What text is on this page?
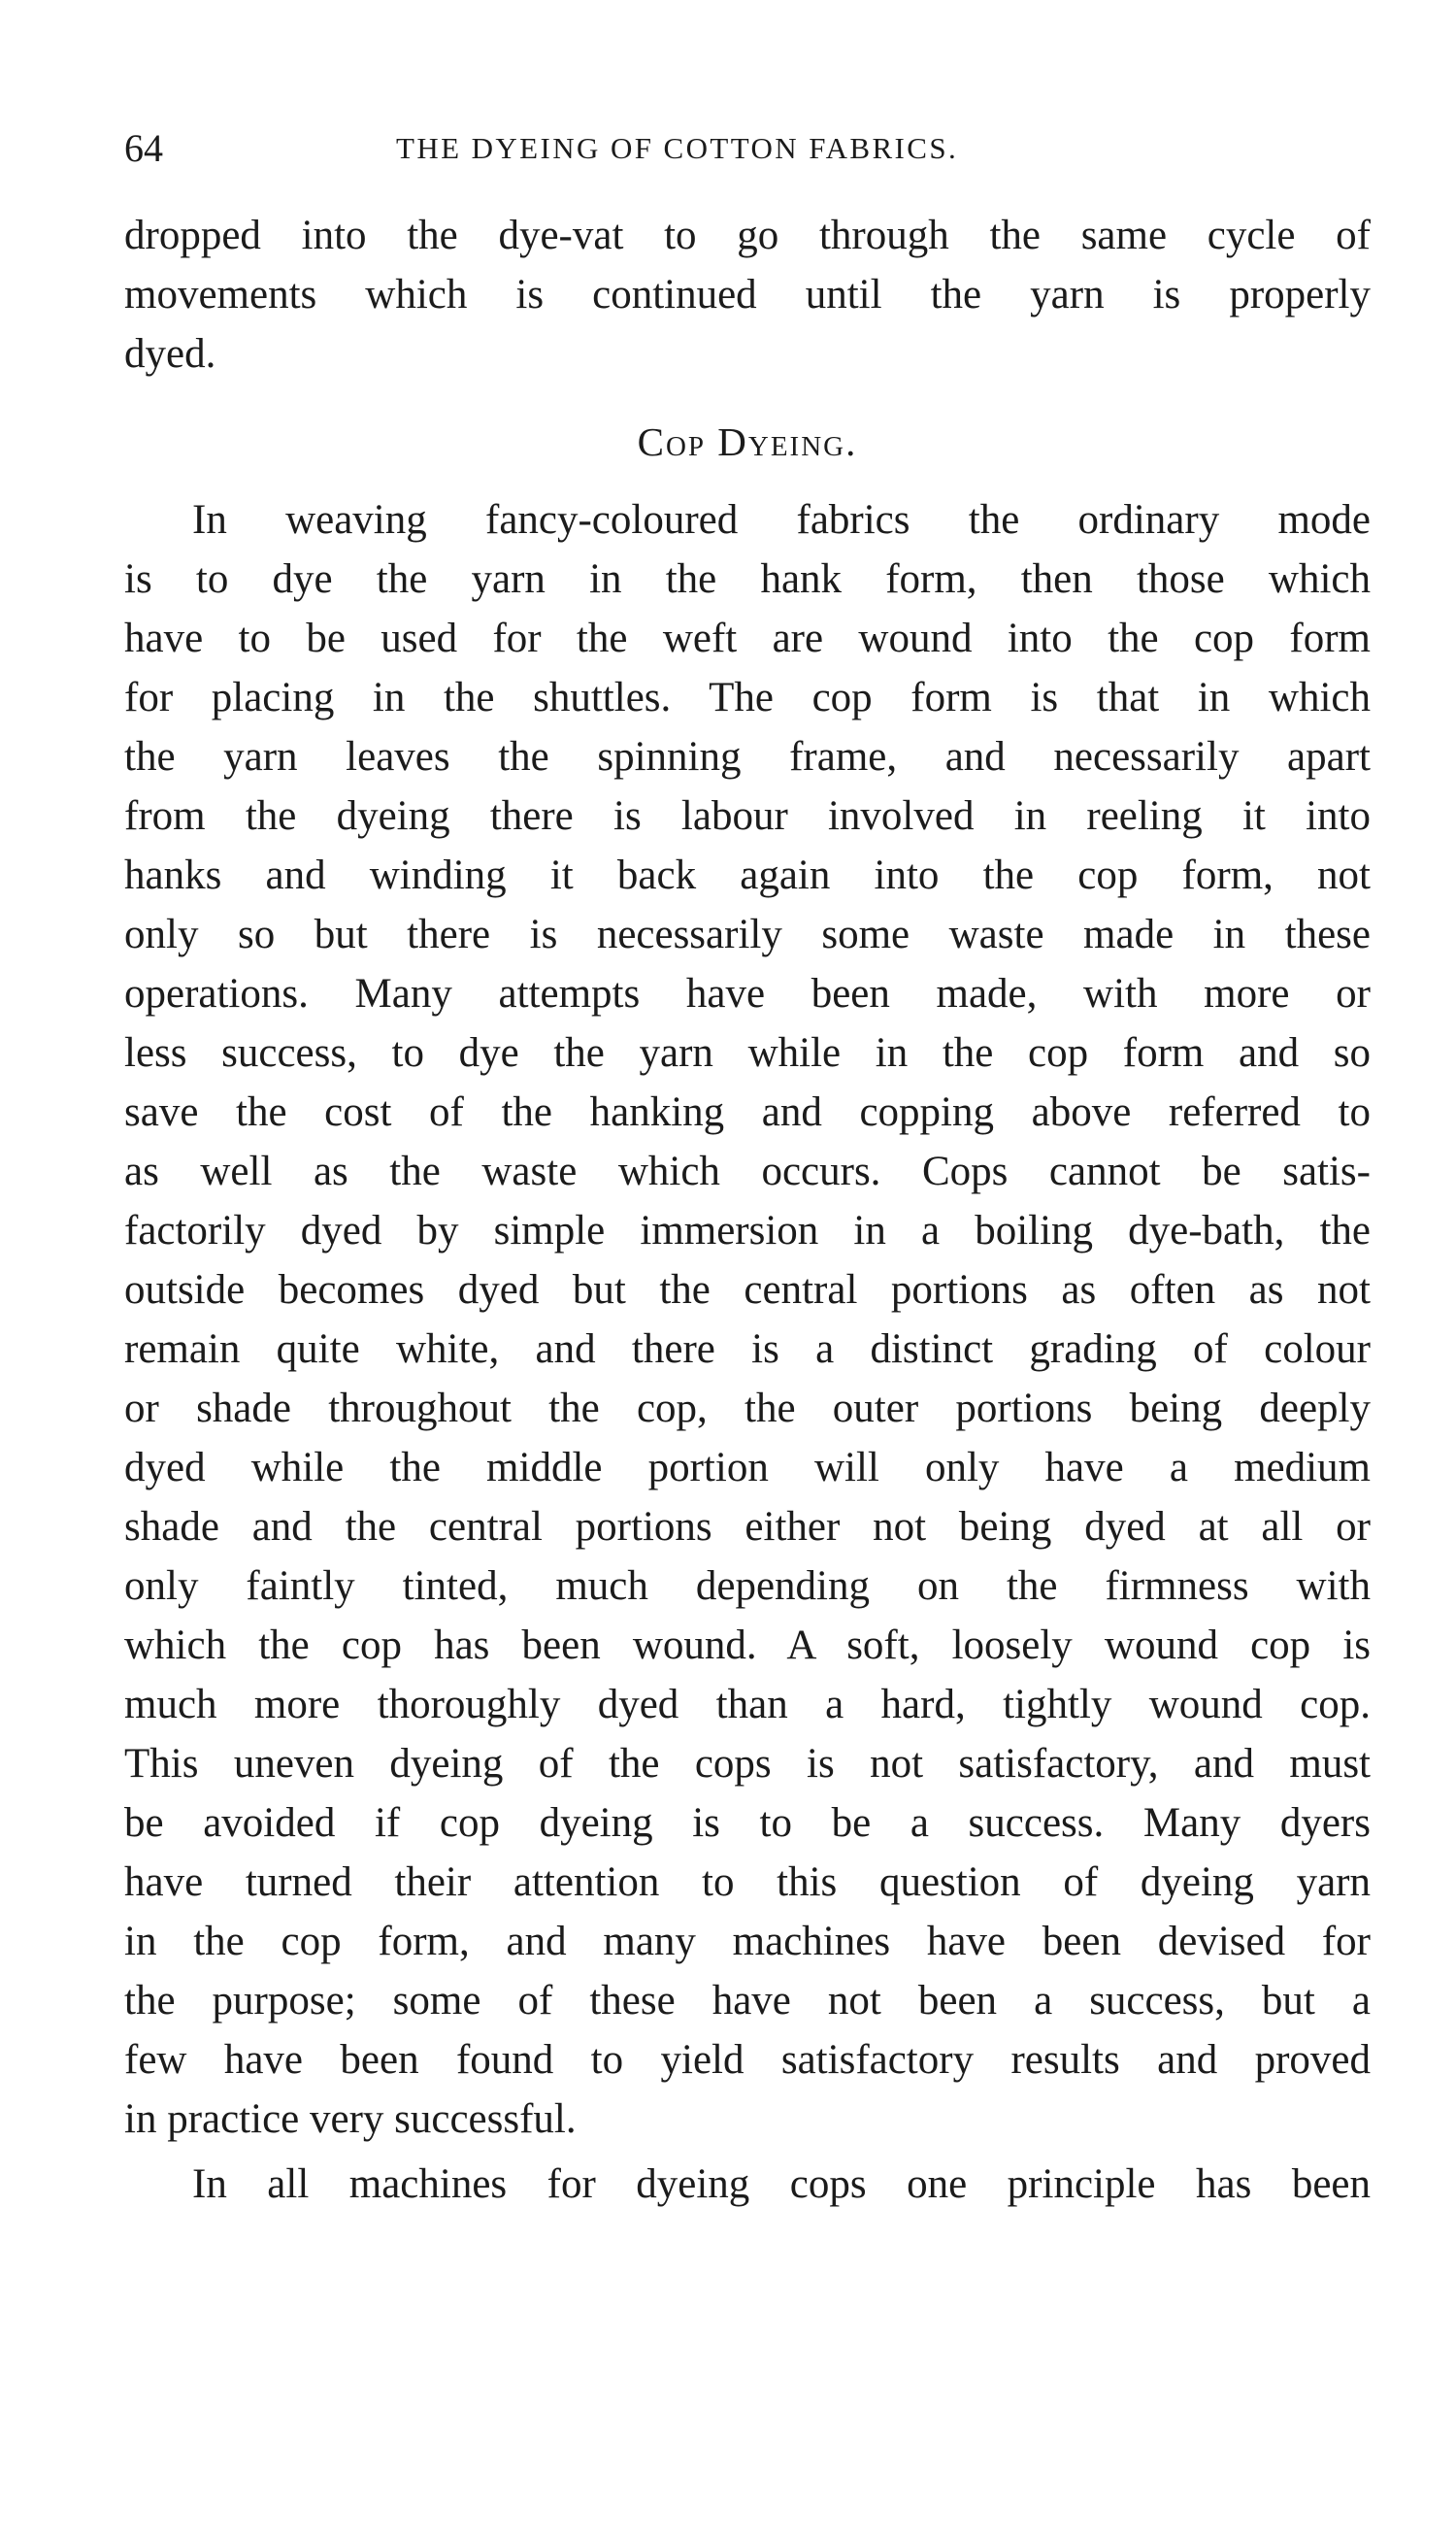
64	THE DYEING OF COTTON FABRICS.
dropped into the dye-vat to go through the same cycle of
movements which is continued until the yarn is properly
dyed.
Cop Dyeing.
In weaving fancy-coloured fabrics the ordinary mode
is to dye the yarn in the hank form, then those which
have to be used for the weft are wound into the cop form
for placing in the shuttles. The cop form is that in which
the yarn leaves the spinning frame, and necessarily apart
from the dyeing there is labour involved in reeling it into
hanks and winding it back again into the cop form, not
only so but there is necessarily some waste made in these
operations. Many attempts have been made, with more or
less success, to dye the yarn while in the cop form and so
save the cost of the hanking and copping above referred to
as well as the waste which occurs. Cops cannot be satis-
factorily dyed by simple immersion in a boiling dye-bath, the
outside becomes dyed but the central portions as often as not
remain quite white, and there is a distinct grading of colour
or shade throughout the cop, the outer portions being deeply
dyed while the middle portion will only have a medium
shade and the central portions either not being dyed at all or
only faintly tinted, much depending on the firmness with
which the cop has been wound. A soft, loosely wound cop is
much more thoroughly dyed than a hard, tightly wound cop.
This uneven dyeing of the cops is not satisfactory, and must
be avoided if cop dyeing is to be a success. Many dyers
have turned their attention to this question of dyeing yarn
in the cop form, and many machines have been devised for
the purpose; some of these have not been a success, but a
few have been found to yield satisfactory results and proved
in practice very successful.
In all machines for dyeing cops one principle has been
